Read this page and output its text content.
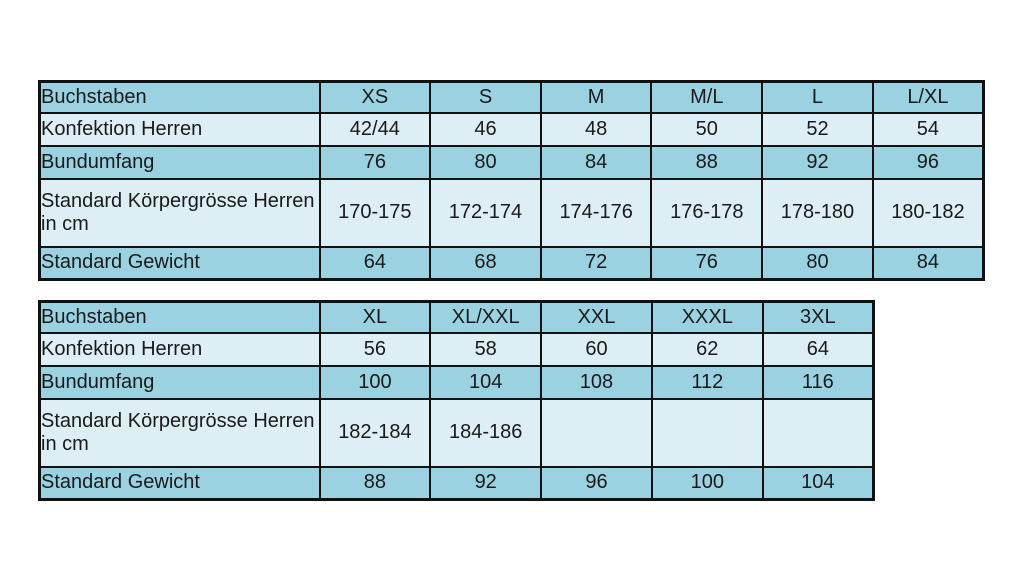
Buchstaben	XS	S	M	M/L	L	L/XL
Konfektion Herren	42/44	46	48	50	52	54
Bundumfang	76	80	84	88	92	96
Standard Körpergrösse Herren in cm	170-175	172-174	174-176	176-178	178-180	180-182
Standard Gewicht	64	68	72	76	80	84
Buchstaben	XL	XL/XXL	XXL	XXXL	3XL
Konfektion Herren	56	58	60	62	64
Bundumfang	100	104	108	112	116
Standard Körpergrösse Herren in cm	182-184	184-186			
Standard Gewicht	88	92	96	100	104
